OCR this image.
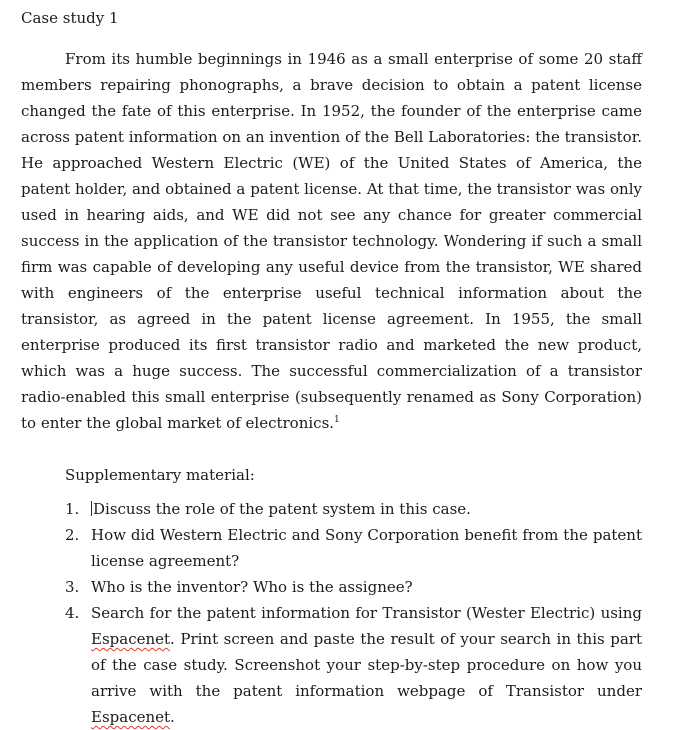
Case study 1

From its humble beginnings in 1946 as a small enterprise of some 20 staff members repairing phonographs, a brave decision to obtain a patent license changed the fate of this enterprise. In 1952, the founder of the enterprise came across patent information on an invention of the Bell Laboratories: the transistor. He approached Western Electric (WE) of the United States of America, the patent holder, and obtained a patent license. At that time, the transistor was only used in hearing aids, and WE did not see any chance for greater commercial success in the application of the transistor technology. Wondering if such a small firm was capable of developing any useful device from the transistor, WE shared with engineers of the enterprise useful technical information about the transistor, as agreed in the patent license agreement. In 1955, the small enterprise produced its first transistor radio and marketed the new product, which was a huge success. The successful commercialization of a transistor radio-enabled this small enterprise (subsequently renamed as Sony Corporation) to enter the global market of electronics.$^1$

Supplementary material:
1. Discuss the role of the patent system in this case.
2. How did Western Electric and Sony Corporation benefit from the patent license agreement?
3. Who is the inventor? Who is the assignee?
4. Search for the patent information for Transistor (Wester Electric) using Espacenet. Print screen and paste the result of your search in this part of the case study. Screenshot your step-by-step procedure on how you arrive with the patent information webpage of Transistor under Espacenet.
